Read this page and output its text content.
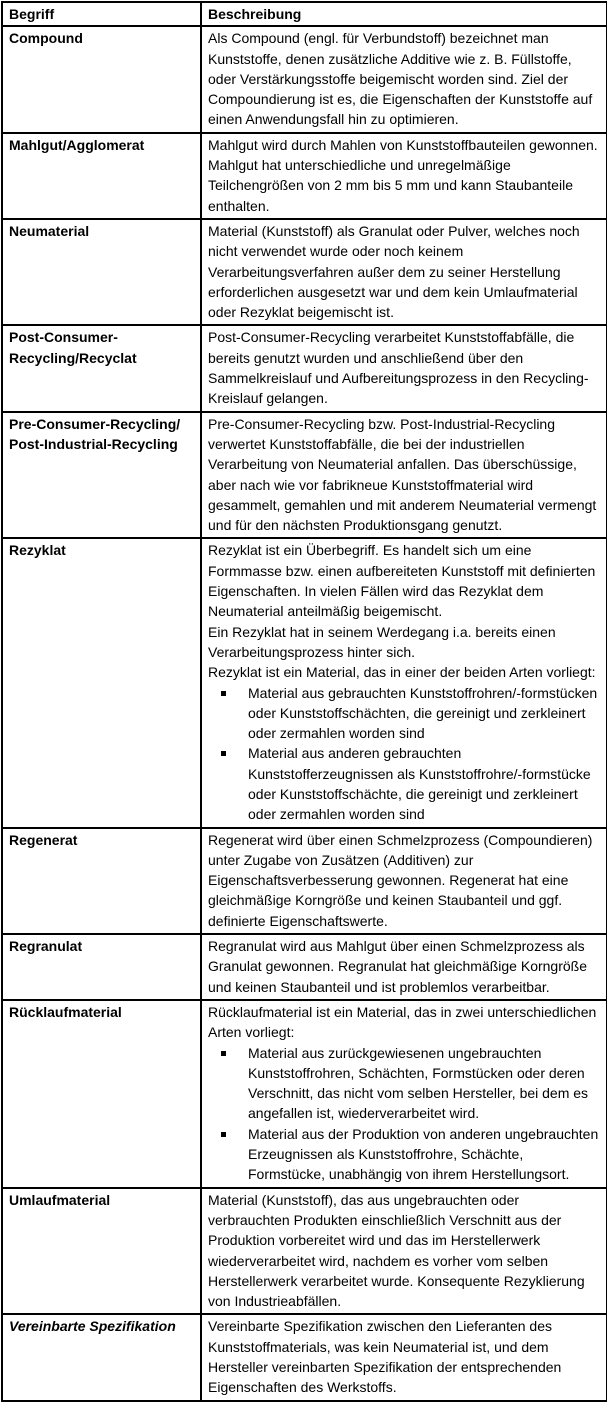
Begriff	Beschreibung
Compound	Als Compound (engl. für Verbundstoff) bezeichnet man Kunststoffe, denen zusätzliche Additive wie z. B. Füllstoffe, oder Verstärkungsstoffe beigemischt worden sind. Ziel der Compoundierung ist es, die Eigenschaften der Kunststoffe auf einen Anwendungsfall hin zu optimieren.

Mahlgut/Agglomerat	Mahlgut wird durch Mahlen von Kunststoffbauteilen gewonnen. Mahlgut hat unterschiedliche und unregelmäßige Teilchengrößen von 2 mm bis 5 mm und kann Staubanteile enthalten.

Neumaterial	Material (Kunststoff) als Granulat oder Pulver, welches noch nicht verwendet wurde oder noch keinem Verarbeitungsverfahren außer dem zu seiner Herstellung erforderlichen ausgesetzt war und dem kein Umlaufmaterial oder Rezyklat beigemischt ist.

Post-Consumer-Recycling/Recyclat	Post-Consumer-Recycling verarbeitet Kunststoffabfälle, die bereits genutzt wurden und anschließend über den Sammelkreislauf und Aufbereitungsprozess in den Recycling-Kreislauf gelangen.

Pre-Consumer-Recycling/ Post-Industrial-Recycling	Pre-Consumer-Recycling bzw. Post-Industrial-Recycling verwertet Kunststoffabfälle, die bei der industriellen Verarbeitung von Neumaterial anfallen. Das überschüssige, aber nach wie vor fabrikneue Kunststoffmaterial wird gesammelt, gemahlen und mit anderem Neumaterial vermengt und für den nächsten Produktionsgang genutzt.

Rezyklat	Rezyklat ist ein Überbegriff. Es handelt sich um eine Formmasse bzw. einen aufbereiteten Kunststoff mit definierten Eigenschaften. In vielen Fällen wird das Rezyklat dem Neumaterial anteilmäßig beigemischt.

Ein Rezyklat hat in seinem Werdegang i.a. bereits einen Verarbeitungsprozess hinter sich.

Rezyklat ist ein Material, das in einer der beiden Arten vorliegt:

Material aus gebrauchten Kunststoffrohren/-formstücken oder Kunststoffschächten, die gereinigt und zerkleinert oder zermahlen worden sind
Material aus anderen gebrauchten Kunststofferzeugnissen als Kunststoffrohre/-formstücke oder Kunststoffschächte, die gereinigt und zerkleinert oder zermahlen worden sind

Regenerat	Regenerat wird über einen Schmelzprozess (Compoundieren) unter Zugabe von Zusätzen (Additiven) zur Eigenschaftsverbesserung gewonnen. Regenerat hat eine gleichmäßige Korngröße und keinen Staubanteil und ggf. definierte Eigenschaftswerte.

Regranulat	Regranulat wird aus Mahlgut über einen Schmelzprozess als Granulat gewonnen. Regranulat hat gleichmäßige Korngröße und keinen Staubanteil und ist problemlos verarbeitbar.

Rücklaufmaterial	Rücklaufmaterial ist ein Material, das in zwei unterschiedlichen Arten vorliegt:

Material aus zurückgewiesenen ungebrauchten Kunststoffrohren, Schächten, Formstücken oder deren Verschnitt, das nicht vom selben Hersteller, bei dem es angefallen ist, wiederverarbeitet wird.
Material aus der Produktion von anderen ungebrauchten Erzeugnissen als Kunststoffrohre, Schächte, Formstücke, unabhängig von ihrem Herstellungsort.

Umlaufmaterial	Material (Kunststoff), das aus ungebrauchten oder verbrauchten Produkten einschließlich Verschnitt aus der Produktion vorbereitet wird und das im Herstellerwerk wiederverarbeitet wird, nachdem es vorher vom selben Herstellerwerk verarbeitet wurde. Konsequente Rezyklierung von Industrieabfällen.

Vereinbarte Spezifikation	Vereinbarte Spezifikation zwischen den Lieferanten des Kunststoffmaterials, was kein Neumaterial ist, und dem Hersteller vereinbarten Spezifikation der entsprechenden Eigenschaften des Werkstoffs.
